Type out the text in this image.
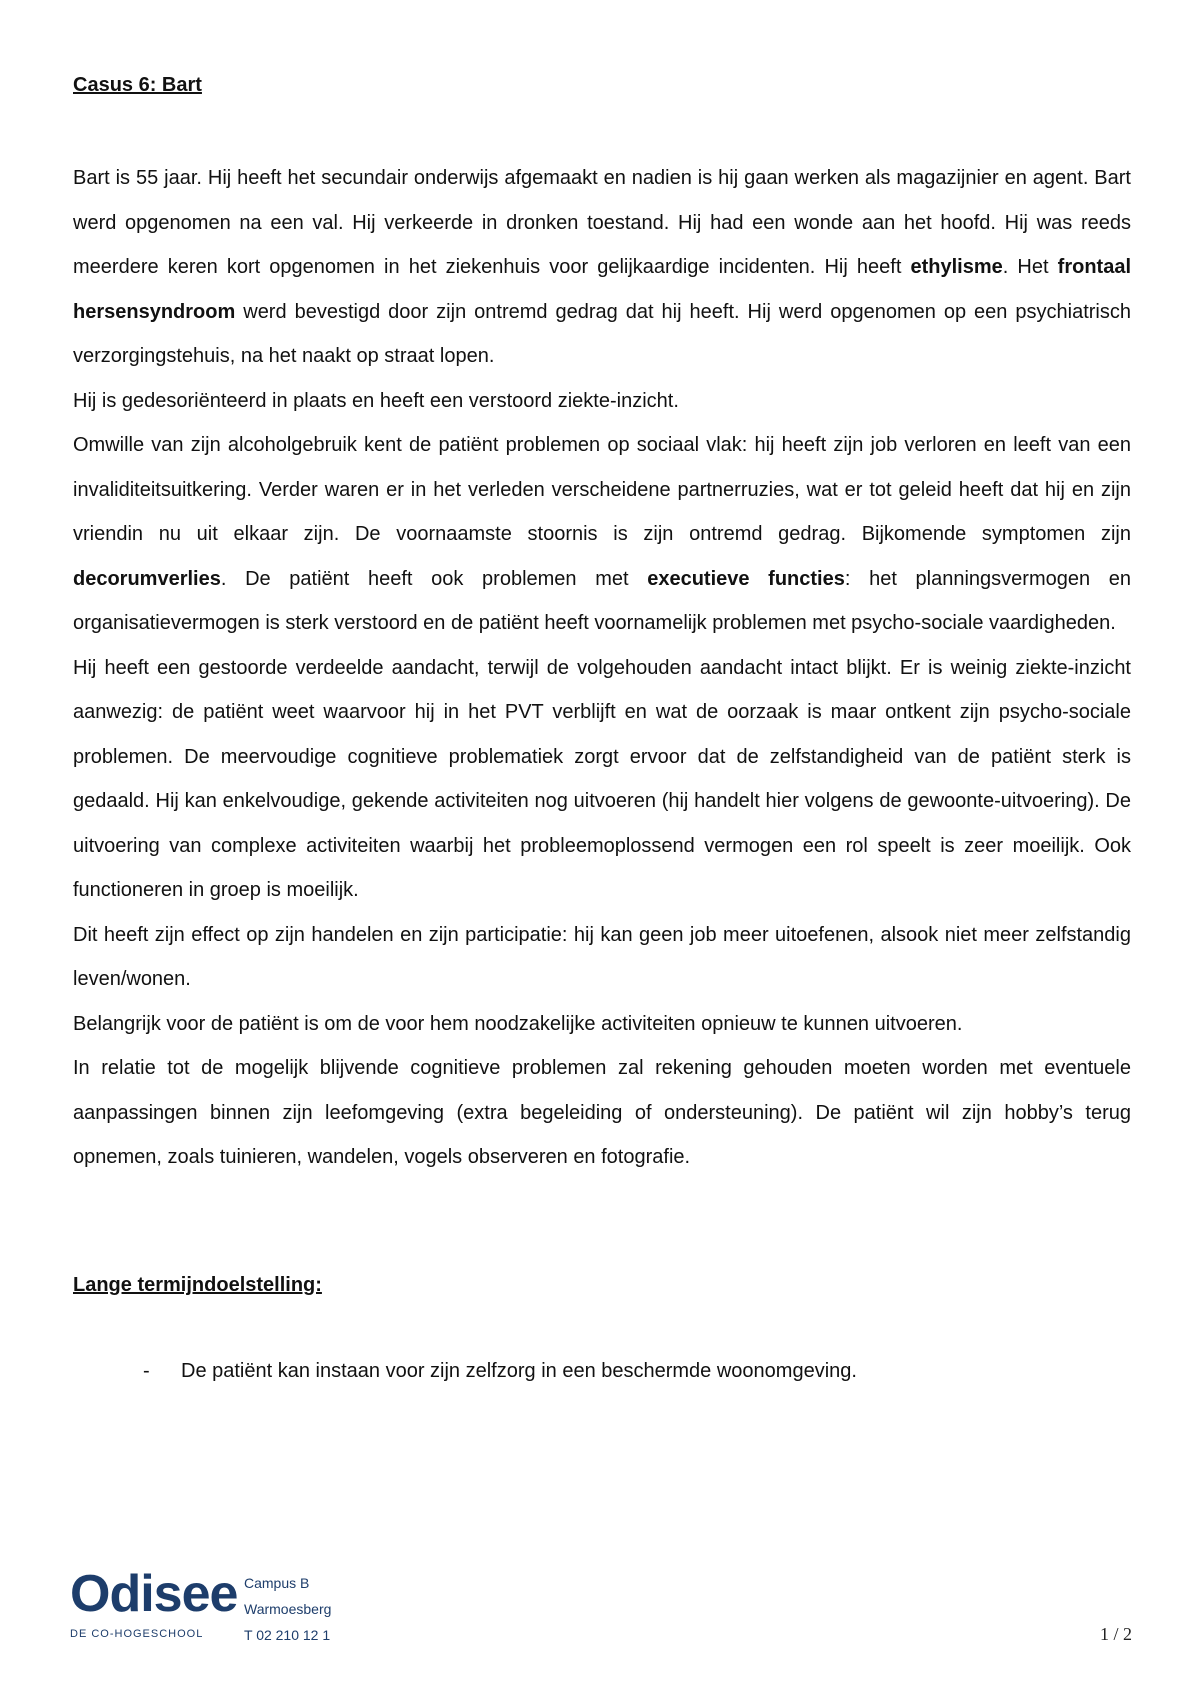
Casus 6: Bart

Bart is 55 jaar. Hij heeft het secundair onderwijs afgemaakt en nadien is hij gaan werken als magazijnier en agent. Bart werd opgenomen na een val. Hij verkeerde in dronken toestand. Hij had een wonde aan het hoofd. Hij was reeds meerdere keren kort opgenomen in het ziekenhuis voor gelijkaardige incidenten. Hij heeft ethylisme. Het frontaal hersensyndroom werd bevestigd door zijn ontremd gedrag dat hij heeft. Hij werd opgenomen op een psychiatrisch verzorgingstehuis, na het naakt op straat lopen.

Hij is gedesoriënteerd in plaats en heeft een verstoord ziekte-inzicht.

Omwille van zijn alcoholgebruik kent de patiënt problemen op sociaal vlak: hij heeft zijn job verloren en leeft van een invaliditeitsuitkering. Verder waren er in het verleden verscheidene partnerruzies, wat er tot geleid heeft dat hij en zijn vriendin nu uit elkaar zijn. De voornaamste stoornis is zijn ontremd gedrag. Bijkomende symptomen zijn decorumverlies. De patiënt heeft ook problemen met executieve functies: het planningsvermogen en organisatievermogen is sterk verstoord en de patiënt heeft voornamelijk problemen met psycho-sociale vaardigheden.

Hij heeft een gestoorde verdeelde aandacht, terwijl de volgehouden aandacht intact blijkt. Er is weinig ziekte-inzicht aanwezig: de patiënt weet waarvoor hij in het PVT verblijft en wat de oorzaak is maar ontkent zijn psycho-sociale problemen. De meervoudige cognitieve problematiek zorgt ervoor dat de zelfstandigheid van de patiënt sterk is gedaald. Hij kan enkelvoudige, gekende activiteiten nog uitvoeren (hij handelt hier volgens de gewoonte-uitvoering). De uitvoering van complexe activiteiten waarbij het probleemoplossend vermogen een rol speelt is zeer moeilijk. Ook functioneren in groep is moeilijk.

Dit heeft zijn effect op zijn handelen en zijn participatie: hij kan geen job meer uitoefenen, alsook niet meer zelfstandig leven/wonen.

Belangrijk voor de patiënt is om de voor hem noodzakelijke activiteiten opnieuw te kunnen uitvoeren.

In relatie tot de mogelijk blijvende cognitieve problemen zal rekening gehouden moeten worden met eventuele aanpassingen binnen zijn leefomgeving (extra begeleiding of ondersteuning). De patiënt wil zijn hobby’s terug opnemen, zoals tuinieren, wandelen, vogels observeren en fotografie.

Lange termijndoelstelling:
-	De patiënt kan instaan voor zijn zelfzorg in een beschermde woonomgeving.
Odisee
DE CO-HOGESCHOOL
Campus B
Warmoesberg
T 02 210 12 1	1 / 2
